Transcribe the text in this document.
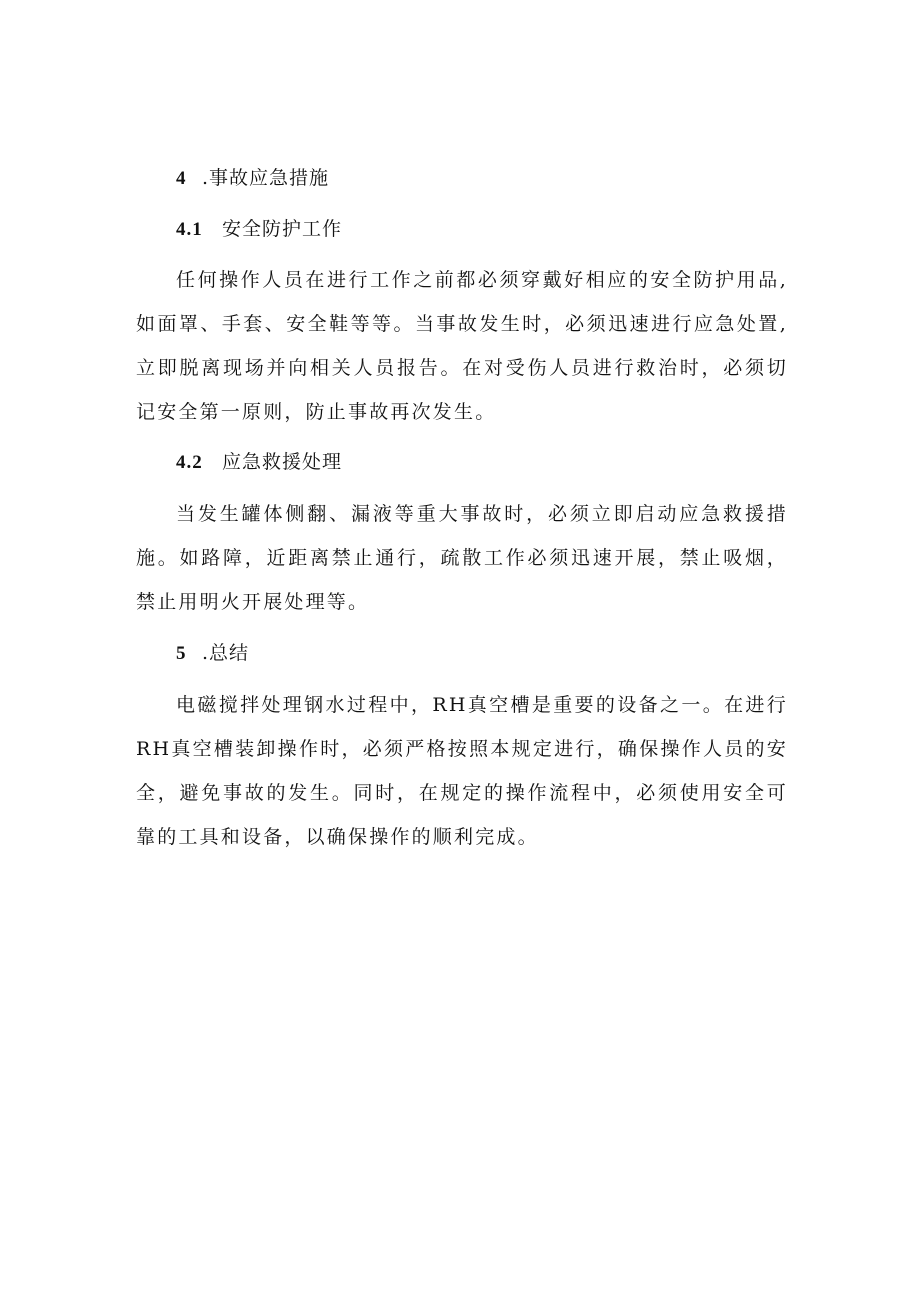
4 .事故应急措施
4.1 安全防护工作

任何操作人员在进行工作之前都必须穿戴好相应的安全防护用品,如面罩、手套、安全鞋等等。当事故发生时，必须迅速进行应急处置,立即脱离现场并向相关人员报告。在对受伤人员进行救治时，必须切记安全第一原则，防止事故再次发生。

4.2 应急救援处理

当发生罐体侧翻、漏液等重大事故时，必须立即启动应急救援措施。如路障，近距离禁止通行，疏散工作必须迅速开展，禁止吸烟，禁止用明火开展处理等。

5 .总结

电磁搅拌处理钢水过程中，RH真空槽是重要的设备之一。在进行RH真空槽装卸操作时，必须严格按照本规定进行，确保操作人员的安全，避免事故的发生。同时，在规定的操作流程中，必须使用安全可靠的工具和设备，以确保操作的顺利完成。
